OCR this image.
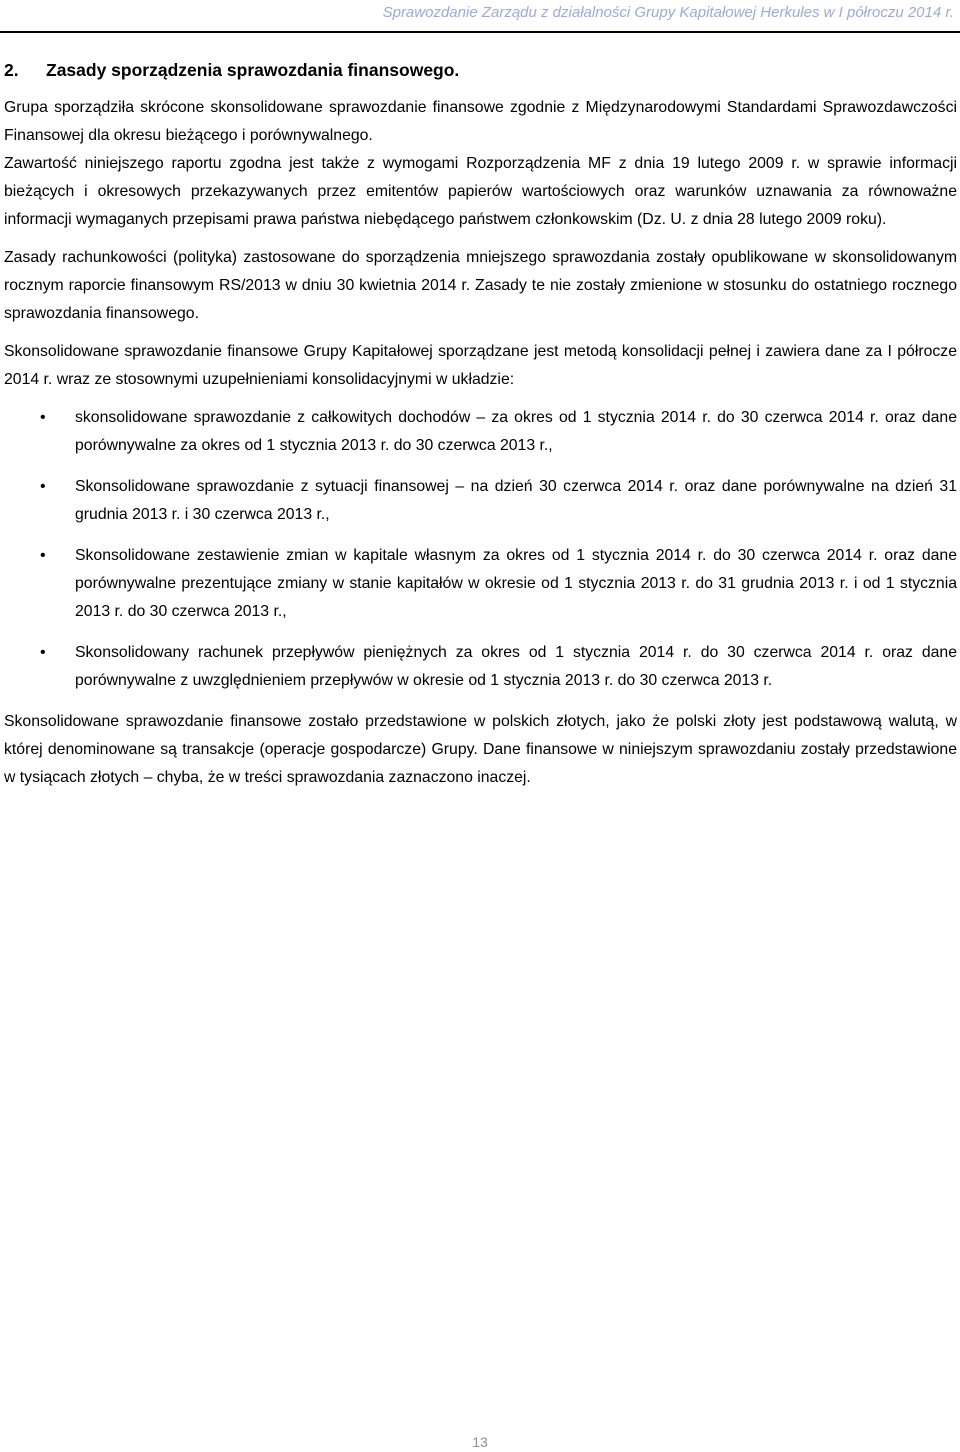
Sprawozdanie Zarządu z działalności Grupy Kapitałowej Herkules w I półroczu 2014 r.
2. Zasady sporządzenia sprawozdania finansowego.

Grupa sporządziła skrócone skonsolidowane sprawozdanie finansowe zgodnie z Międzynarodowymi Standardami Sprawozdawczości Finansowej dla okresu bieżącego i porównywalnego.

Zawartość niniejszego raportu zgodna jest także z wymogami Rozporządzenia MF z dnia 19 lutego 2009 r. w sprawie informacji bieżących i okresowych przekazywanych przez emitentów papierów wartościowych oraz warunków uznawania za równoważne informacji wymaganych przepisami prawa państwa niebędącego państwem członkowskim (Dz. U. z dnia 28 lutego 2009 roku).

Zasady rachunkowości (polityka) zastosowane do sporządzenia mniejszego sprawozdania zostały opublikowane w skonsolidowanym rocznym raporcie finansowym RS/2013 w dniu 30 kwietnia 2014 r. Zasady te nie zostały zmienione w stosunku do ostatniego rocznego sprawozdania finansowego.

Skonsolidowane sprawozdanie finansowe Grupy Kapitałowej sporządzane jest metodą konsolidacji pełnej i zawiera dane za I półrocze 2014 r. wraz ze stosownymi uzupełnieniami konsolidacyjnymi w układzie:

• skonsolidowane sprawozdanie z całkowitych dochodów – za okres od 1 stycznia 2014 r. do 30 czerwca 2014 r. oraz dane porównywalne za okres od 1 stycznia 2013 r. do 30 czerwca 2013 r.,
• Skonsolidowane sprawozdanie z sytuacji finansowej – na dzień 30 czerwca 2014 r. oraz dane porównywalne na dzień 31 grudnia 2013 r. i 30 czerwca 2013 r.,
• Skonsolidowane zestawienie zmian w kapitale własnym za okres od 1 stycznia 2014 r. do 30 czerwca 2014 r. oraz dane porównywalne prezentujące zmiany w stanie kapitałów w okresie od 1 stycznia 2013 r. do 31 grudnia 2013 r. i od 1 stycznia 2013 r. do 30 czerwca 2013 r.,
• Skonsolidowany rachunek przepływów pieniężnych za okres od 1 stycznia 2014 r. do 30 czerwca 2014 r. oraz dane porównywalne z uwzględnieniem przepływów w okresie od 1 stycznia 2013 r. do 30 czerwca 2013 r.

Skonsolidowane sprawozdanie finansowe zostało przedstawione w polskich złotych, jako że polski złoty jest podstawową walutą, w której denominowane są transakcje (operacje gospodarcze) Grupy. Dane finansowe w niniejszym sprawozdaniu zostały przedstawione w tysiącach złotych – chyba, że w treści sprawozdania zaznaczono inaczej.

13
